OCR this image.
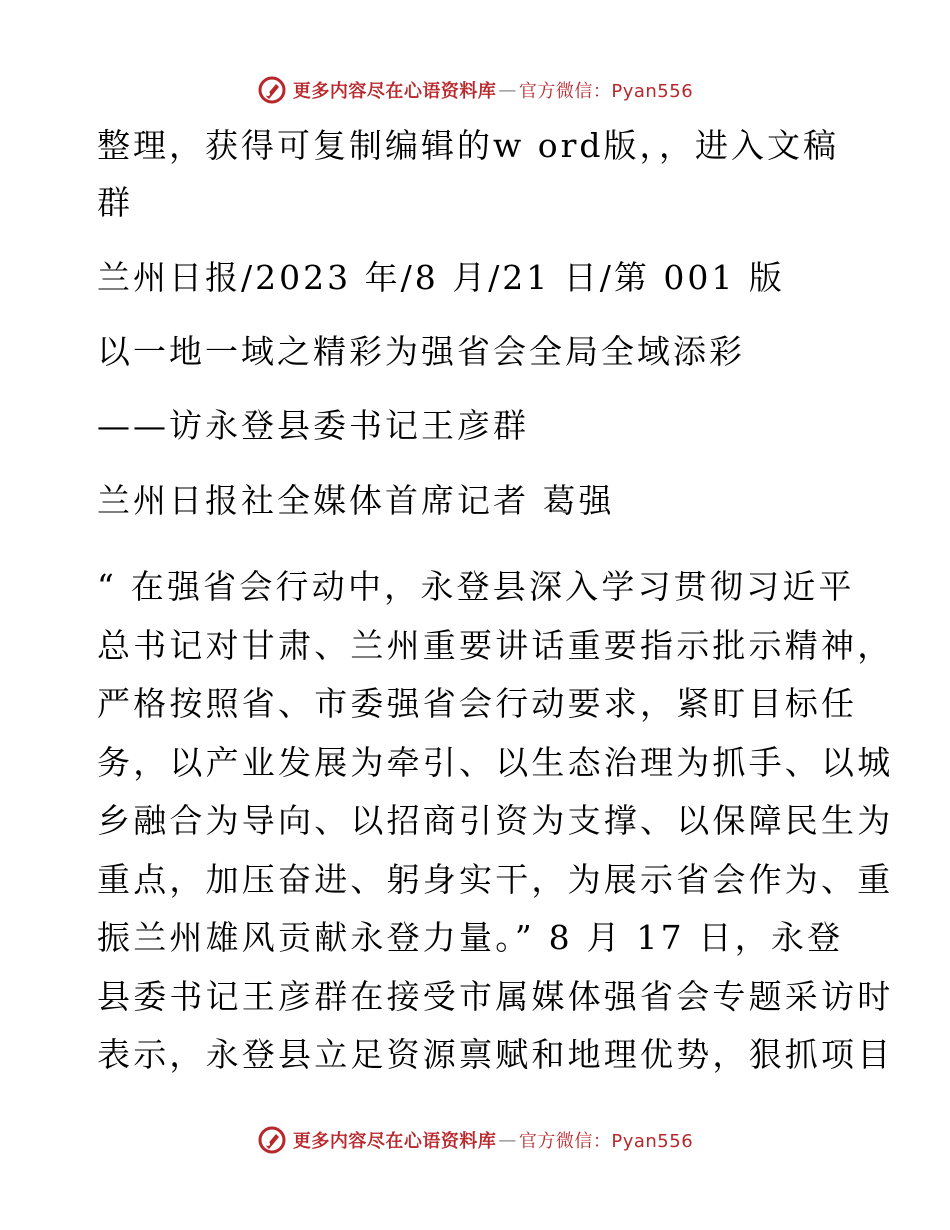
更多内容尽在心语资料库 — 官方微信：Pyan556
整理，获得可复制编辑的w ord版，，进入文稿
群
兰州日报/2023 年/8 月/21 日/第 001 版
以一地一域之精彩为强省会全局全域添彩
——访永登县委书记王彦群
兰州日报社全媒体首席记者 葛强
“ 在强省会行动中，永登县深入学习贯彻习近平
总书记对甘肃、兰州重要讲话重要指示批示精神，
严格按照省、市委强省会行动要求，紧盯目标任
务，以产业发展为牵引、以生态治理为抓手、以城
乡融合为导向、以招商引资为支撑、以保障民生为
重点，加压奋进、躬身实干，为展示省会作为、重
振兰州雄风贡献永登力量。” 8 月 17 日，永登
县委书记王彦群在接受市属媒体强省会专题采访时
表示，永登县立足资源禀赋和地理优势，狠抓项目
更多内容尽在心语资料库 — 官方微信：Pyan556
